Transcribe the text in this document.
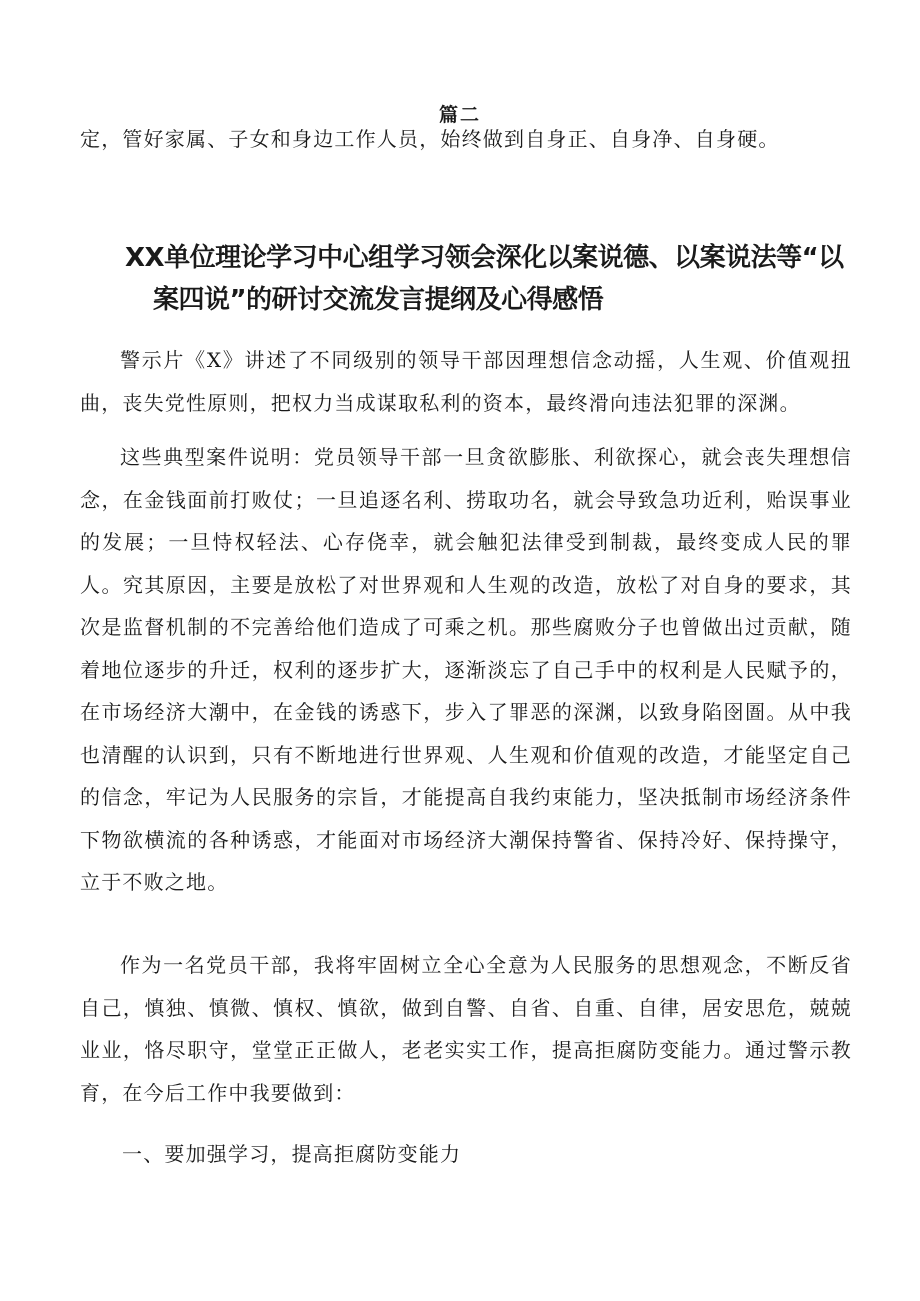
定，管好家属、子女和身边工作人员，始终做到自身正、自身净、自身硬。

篇二

XX单位理论学习中心组学习领会深化以案说德、以案说法等“以
案四说”的研讨交流发言提纲及心得感悟

警示片《X》讲述了不同级别的领导干部因理想信念动摇，人生观、价值观扭曲，丧失党性原则，把权力当成谋取私利的资本，最终滑向违法犯罪的深渊。

这些典型案件说明：党员领导干部一旦贪欲膨胀、利欲探心，就会丧失理想信念，在金钱面前打败仗；一旦追逐名利、捞取功名，就会导致急功近利，贻误事业的发展；一旦恃权轻法、心存侥幸，就会触犯法律受到制裁，最终变成人民的罪人。究其原因，主要是放松了对世界观和人生观的改造，放松了对自身的要求，其次是监督机制的不完善给他们造成了可乘之机。那些腐败分子也曾做出过贡献，随着地位逐步的升迁，权利的逐步扩大，逐渐淡忘了自己手中的权利是人民赋予的，在市场经济大潮中，在金钱的诱惑下，步入了罪恶的深渊，以致身陷囹圄。从中我也清醒的认识到，只有不断地进行世界观、人生观和价值观的改造，才能坚定自己的信念，牢记为人民服务的宗旨，才能提高自我约束能力，坚决抵制市场经济条件下物欲横流的各种诱惑，才能面对市场经济大潮保持警省、保持冷好、保持操守，立于不败之地。

作为一名党员干部，我将牢固树立全心全意为人民服务的思想观念，不断反省自己，慎独、慎微、慎权、慎欲，做到自警、自省、自重、自律，居安思危，兢兢业业，恪尽职守，堂堂正正做人，老老实实工作，提高拒腐防变能力。通过警示教育，在今后工作中我要做到：

一、要加强学习，提高拒腐防变能力
